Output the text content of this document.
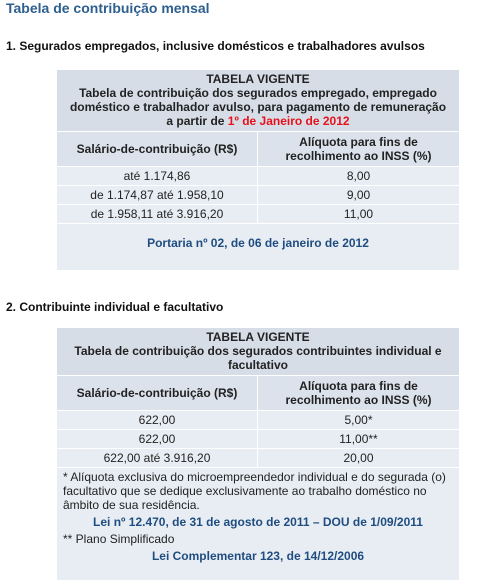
Tabela de contribuição mensal
1. Segurados empregados, inclusive domésticos e trabalhadores avulsos
TABELA VIGENTE
Tabela de contribuição dos segurados empregado, empregado doméstico e trabalhador avulso, para pagamento de remuneração
a partir de 1º de Janeiro de 2012
Salário-de-contribuição (R$)	Alíquota para fins de recolhimento ao INSS (%)
até 1.174,86	8,00
de 1.174,87 até 1.958,10	9,00
de 1.958,11 até 3.916,20	11,00
Portaria nº 02, de 06 de janeiro de 2012
2. Contribuinte individual e facultativo
TABELA VIGENTE
Tabela de contribuição dos segurados contribuintes individual e facultativo
Salário-de-contribuição (R$)	Alíquota para fins de recolhimento ao INSS (%)
622,00	5,00*
622,00	11,00**
622,00 até 3.916,20	20,00
* Alíquota exclusiva do microempreendedor individual e do segurada (o) facultativo que se dedique exclusivamente ao trabalho doméstico no âmbito de sua residência.
Lei nº 12.470, de 31 de agosto de 2011 – DOU de 1/09/2011
** Plano Simplificado
Lei Complementar 123, de 14/12/2006
